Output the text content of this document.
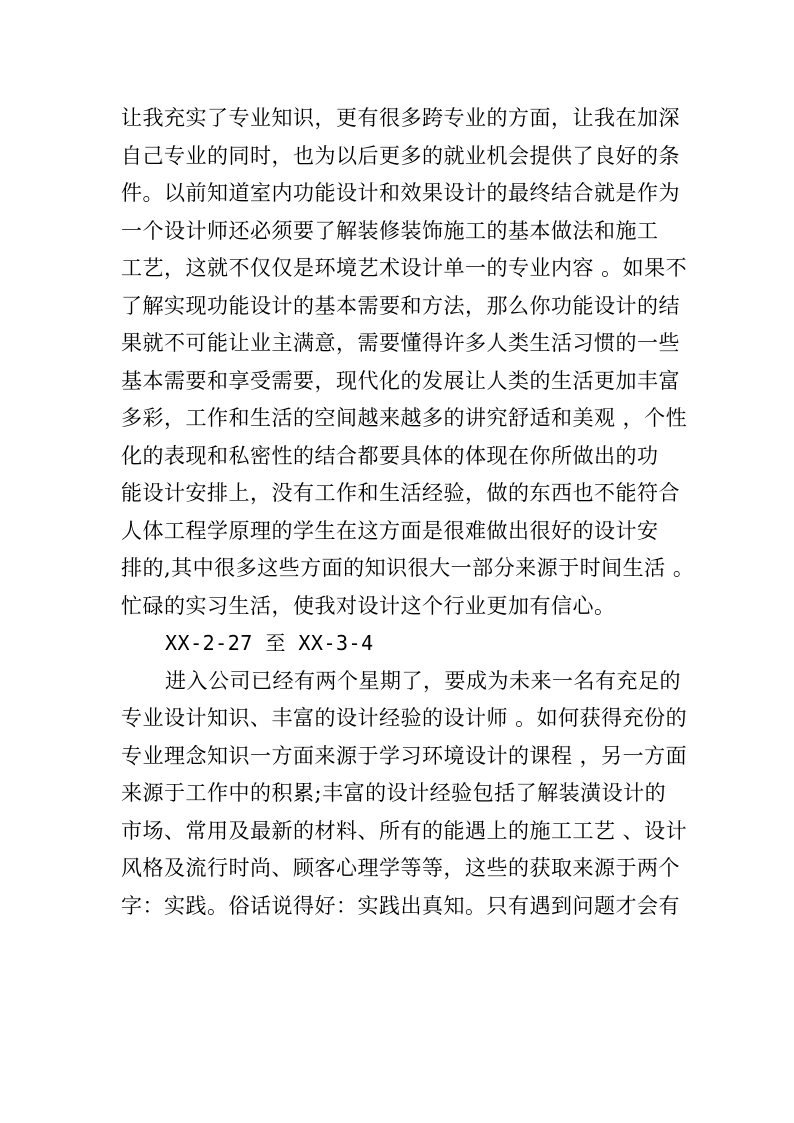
让我充实了专业知识，更有很多跨专业的方面，让我在加深
自己专业的同时，也为以后更多的就业机会提供了良好的条
件。以前知道室内功能设计和效果设计的最终结合就是作为
一个设计师还必须要了解装修装饰施工的基本做法和施工
工艺，这就不仅仅是环境艺术设计单一的专业内容 。如果不
了解实现功能设计的基本需要和方法，那么你功能设计的结
果就不可能让业主满意，需要懂得许多人类生活习惯的一些
基本需要和享受需要，现代化的发展让人类的生活更加丰富
多彩，工作和生活的空间越来越多的讲究舒适和美观 ，个性
化的表现和私密性的结合都要具体的体现在你所做出的功
能设计安排上，没有工作和生活经验，做的东西也不能符合
人体工程学原理的学生在这方面是很难做出很好的设计安
排的,其中很多这些方面的知识很大一部分来源于时间生活 。
忙碌的实习生活，使我对设计这个行业更加有信心。
XX-2-27 至 XX-3-4
进入公司已经有两个星期了，要成为未来一名有充足的
专业设计知识、丰富的设计经验的设计师 。如何获得充份的
专业理念知识一方面来源于学习环境设计的课程 ，另一方面
来源于工作中的积累;丰富的设计经验包括了解装潢设计的
市场、常用及最新的材料、所有的能遇上的施工工艺 、设计
风格及流行时尚、顾客心理学等等，这些的获取来源于两个
字：实践。俗话说得好：实践出真知。只有遇到问题才会有
